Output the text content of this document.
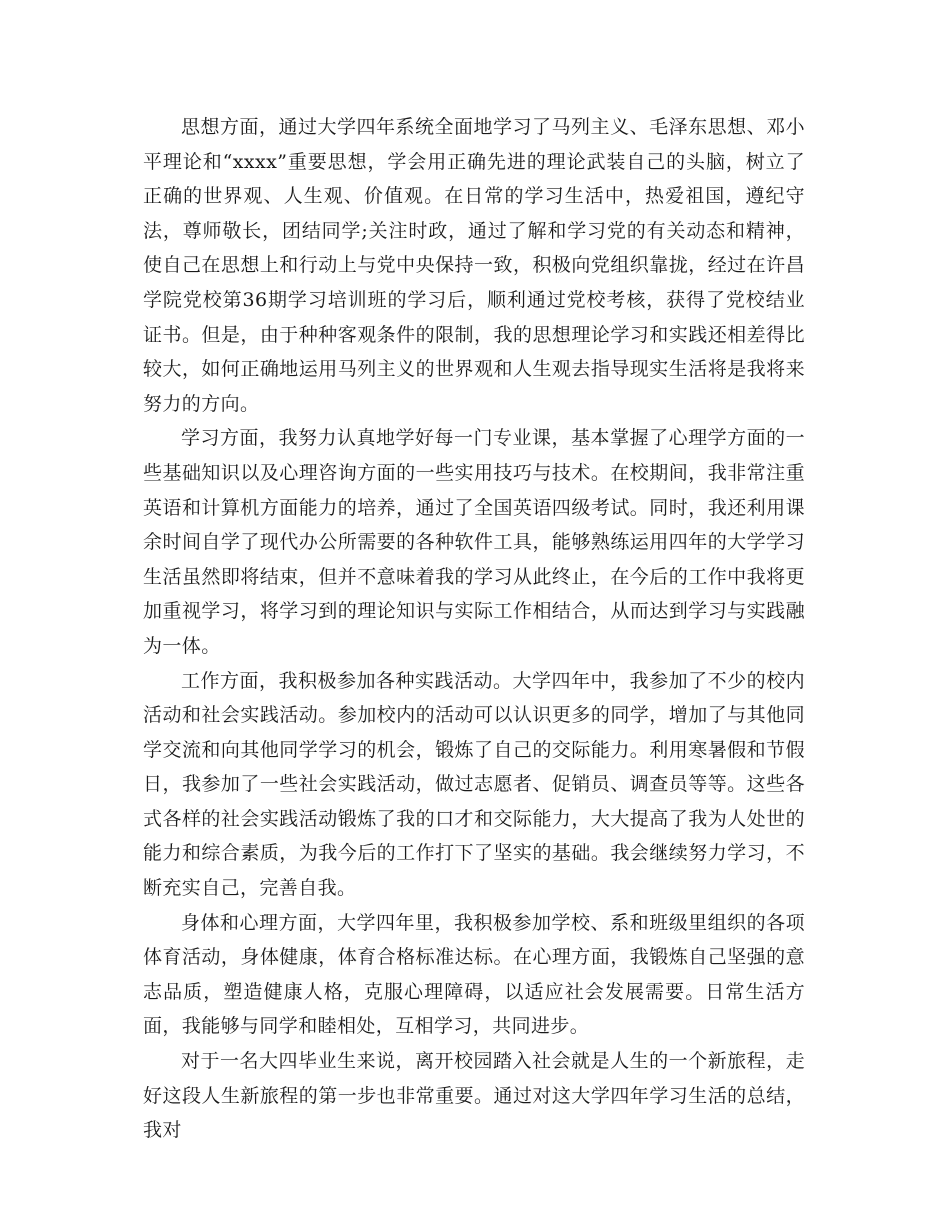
思想方面，通过大学四年系统全面地学习了马列主义、毛泽东思想、邓小平理论和“xxxx”重要思想，学会用正确先进的理论武装自己的头脑，树立了正确的世界观、人生观、价值观。在日常的学习生活中，热爱祖国，遵纪守法，尊师敬长，团结同学;关注时政，通过了解和学习党的有关动态和精神，使自己在思想上和行动上与党中央保持一致，积极向党组织靠拢，经过在许昌学院党校第36期学习培训班的学习后，顺利通过党校考核，获得了党校结业证书。但是，由于种种客观条件的限制，我的思想理论学习和实践还相差得比较大，如何正确地运用马列主义的世界观和人生观去指导现实生活将是我将来努力的方向。

学习方面，我努力认真地学好每一门专业课，基本掌握了心理学方面的一些基础知识以及心理咨询方面的一些实用技巧与技术。在校期间，我非常注重英语和计算机方面能力的培养，通过了全国英语四级考试。同时，我还利用课余时间自学了现代办公所需要的各种软件工具，能够熟练运用四年的大学学习生活虽然即将结束，但并不意味着我的学习从此终止，在今后的工作中我将更加重视学习，将学习到的理论知识与实际工作相结合，从而达到学习与实践融为一体。

工作方面，我积极参加各种实践活动。大学四年中，我参加了不少的校内活动和社会实践活动。参加校内的活动可以认识更多的同学，增加了与其他同学交流和向其他同学学习的机会，锻炼了自己的交际能力。利用寒暑假和节假日，我参加了一些社会实践活动，做过志愿者、促销员、调查员等等。这些各式各样的社会实践活动锻炼了我的口才和交际能力，大大提高了我为人处世的能力和综合素质，为我今后的工作打下了坚实的基础。我会继续努力学习，不断充实自己，完善自我。

身体和心理方面，大学四年里，我积极参加学校、系和班级里组织的各项体育活动，身体健康，体育合格标准达标。在心理方面，我锻炼自己坚强的意志品质，塑造健康人格，克服心理障碍，以适应社会发展需要。日常生活方面，我能够与同学和睦相处，互相学习，共同进步。

对于一名大四毕业生来说，离开校园踏入社会就是人生的一个新旅程，走好这段人生新旅程的第一步也非常重要。通过对这大学四年学习生活的总结，我对
